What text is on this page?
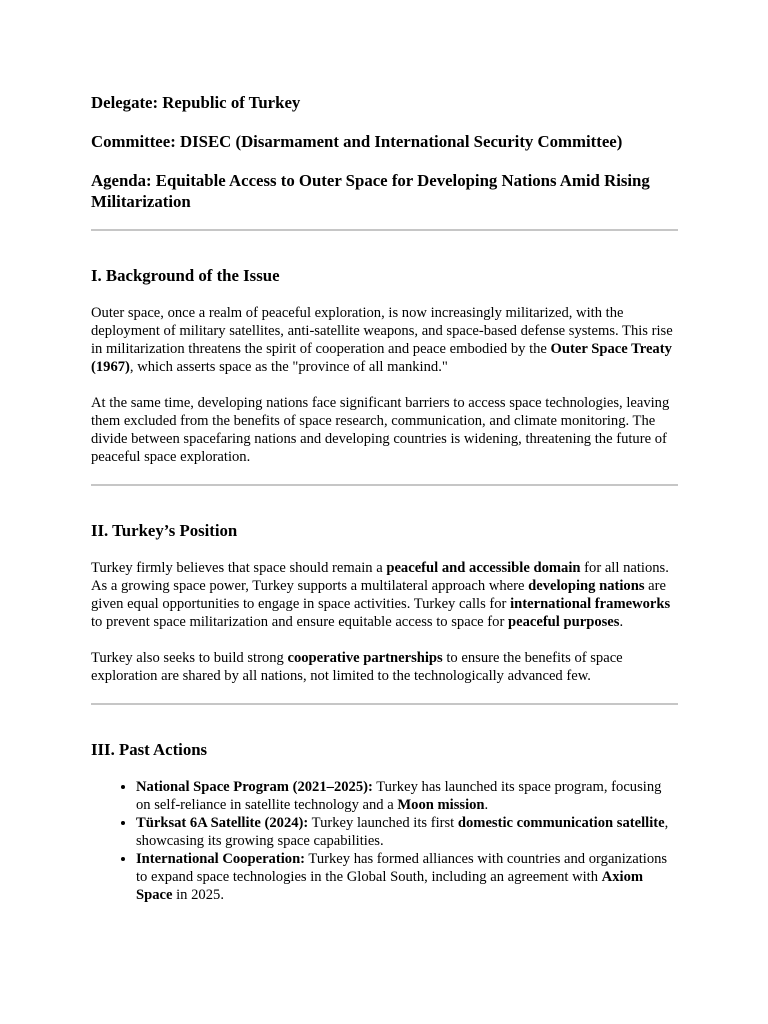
Delegate: Republic of Turkey

Committee: DISEC (Disarmament and International Security Committee)

Agenda: Equitable Access to Outer Space for Developing Nations Amid Rising Militarization

I. Background of the Issue

Outer space, once a realm of peaceful exploration, is now increasingly militarized, with the deployment of military satellites, anti-satellite weapons, and space-based defense systems. This rise in militarization threatens the spirit of cooperation and peace embodied by the Outer Space Treaty (1967), which asserts space as the "province of all mankind."

At the same time, developing nations face significant barriers to access space technologies, leaving them excluded from the benefits of space research, communication, and climate monitoring. The divide between spacefaring nations and developing countries is widening, threatening the future of peaceful space exploration.

II. Turkey’s Position

Turkey firmly believes that space should remain a peaceful and accessible domain for all nations. As a growing space power, Turkey supports a multilateral approach where developing nations are given equal opportunities to engage in space activities. Turkey calls for international frameworks to prevent space militarization and ensure equitable access to space for peaceful purposes.

Turkey also seeks to build strong cooperative partnerships to ensure the benefits of space exploration are shared by all nations, not limited to the technologically advanced few.

III. Past Actions
• National Space Program (2021–2025): Turkey has launched its space program, focusing on self-reliance in satellite technology and a Moon mission.
• Türksat 6A Satellite (2024): Turkey launched its first domestic communication satellite, showcasing its growing space capabilities.
• International Cooperation: Turkey has formed alliances with countries and organizations to expand space technologies in the Global South, including an agreement with Axiom Space in 2025.
